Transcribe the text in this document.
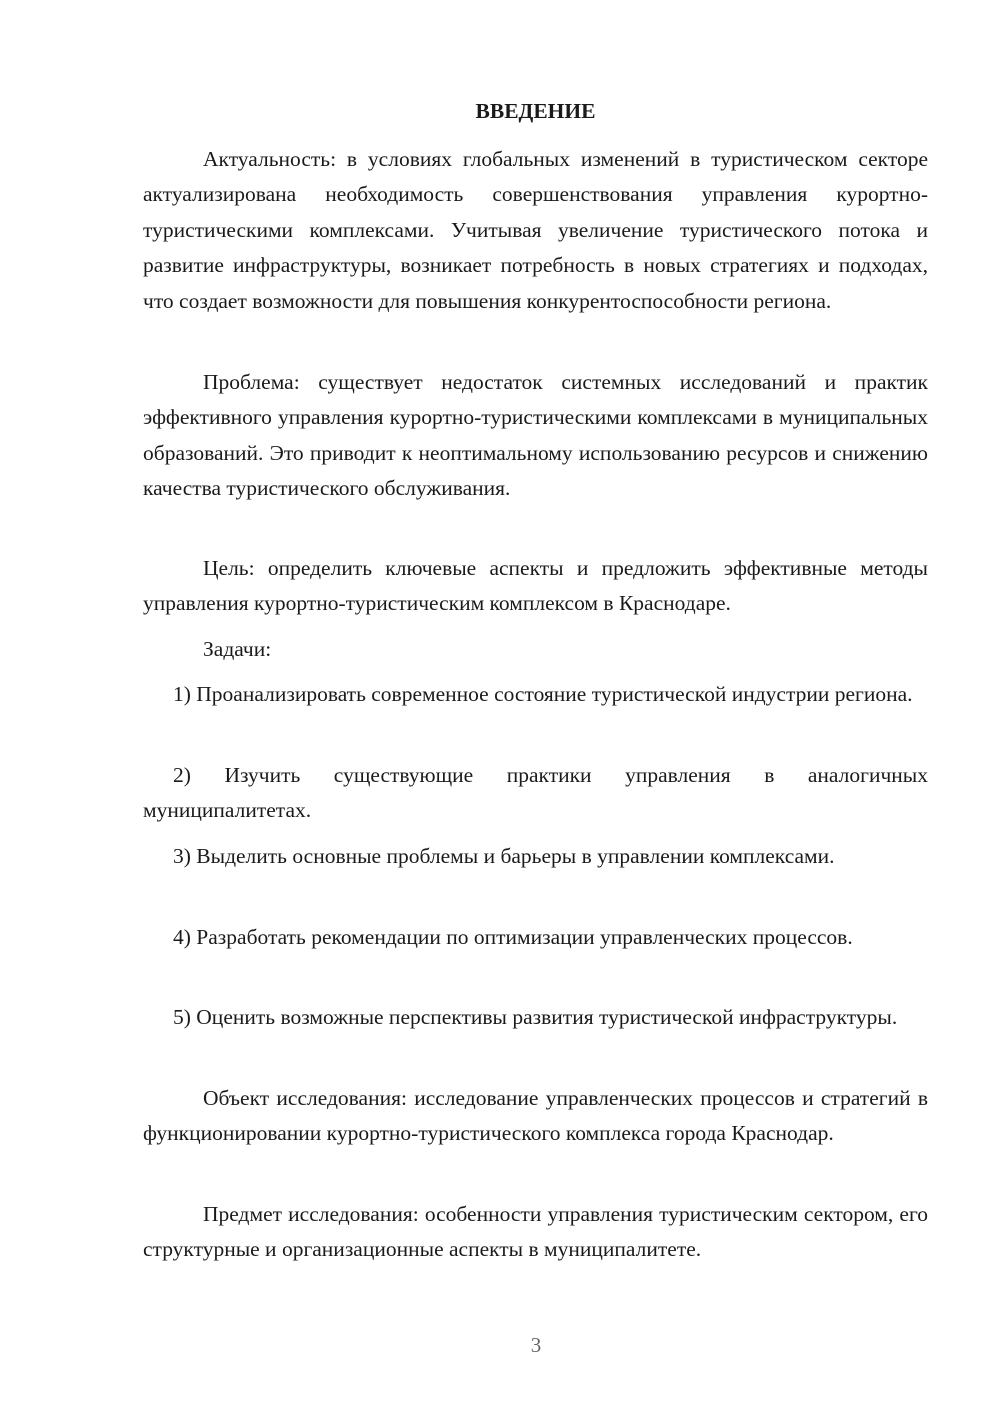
ВВЕДЕНИЕ

Актуальность: в условиях глобальных изменений в туристическом секторе актуализирована необходимость совершенствования управления курортно-туристическими комплексами. Учитывая увеличение туристического потока и развитие инфраструктуры, возникает потребность в новых стратегиях и подходах, что создает возможности для повышения конкурентоспособности региона.

Проблема: существует недостаток системных исследований и практик эффективного управления курортно-туристическими комплексами в муниципальных образований. Это приводит к неоптимальному использованию ресурсов и снижению качества туристического обслуживания.

Цель: определить ключевые аспекты и предложить эффективные методы управления курортно-туристическим комплексом в Краснодаре.

Задачи:

1) Проанализировать современное состояние туристической индустрии региона.

2) Изучить существующие практики управления в аналогичных муниципалитетах.

3) Выделить основные проблемы и барьеры в управлении комплексами.

4) Разработать рекомендации по оптимизации управленческих процессов.

5) Оценить возможные перспективы развития туристической инфраструктуры.

Объект исследования: исследование управленческих процессов и стратегий в функционировании курортно-туристического комплекса города Краснодар.

Предмет исследования: особенности управления туристическим сектором, его структурные и организационные аспекты в муниципалитете.

3
